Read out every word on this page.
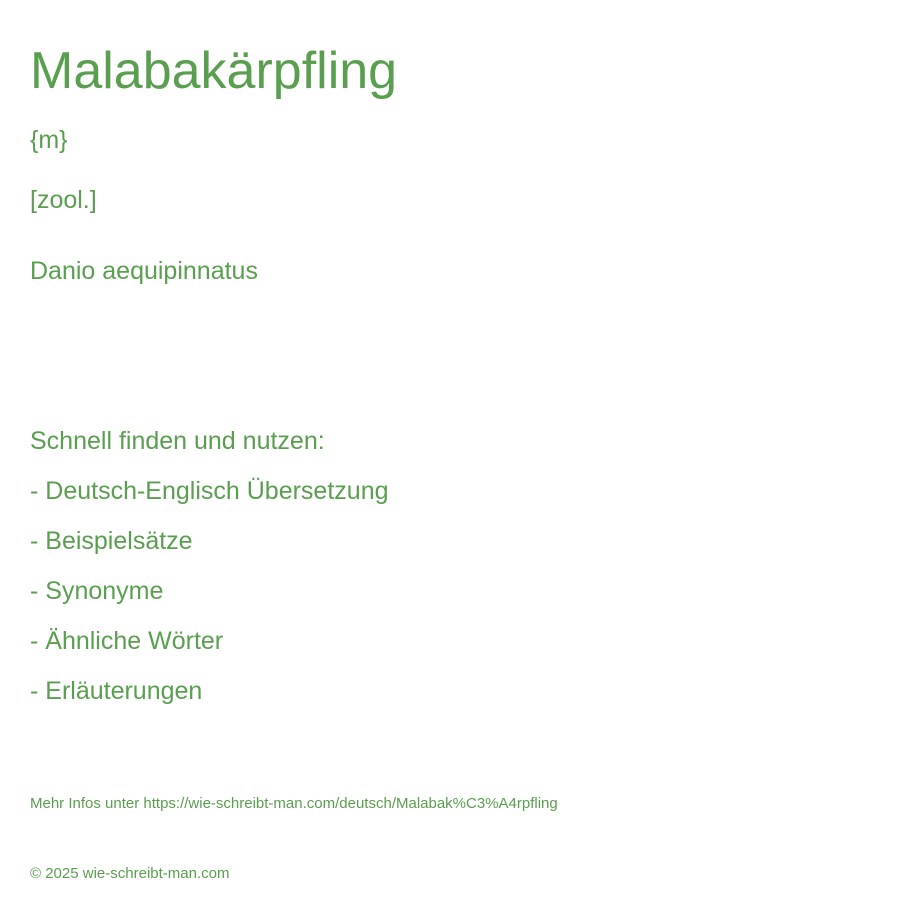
Malabakärpfling
{m}
[zool.]
Danio aequipinnatus
Schnell finden und nutzen:
- Deutsch-Englisch Übersetzung
- Beispielsätze
- Synonyme
- Ähnliche Wörter
- Erläuterungen
Mehr Infos unter https://wie-schreibt-man.com/deutsch/Malabak%C3%A4rpfling
© 2025 wie-schreibt-man.com
